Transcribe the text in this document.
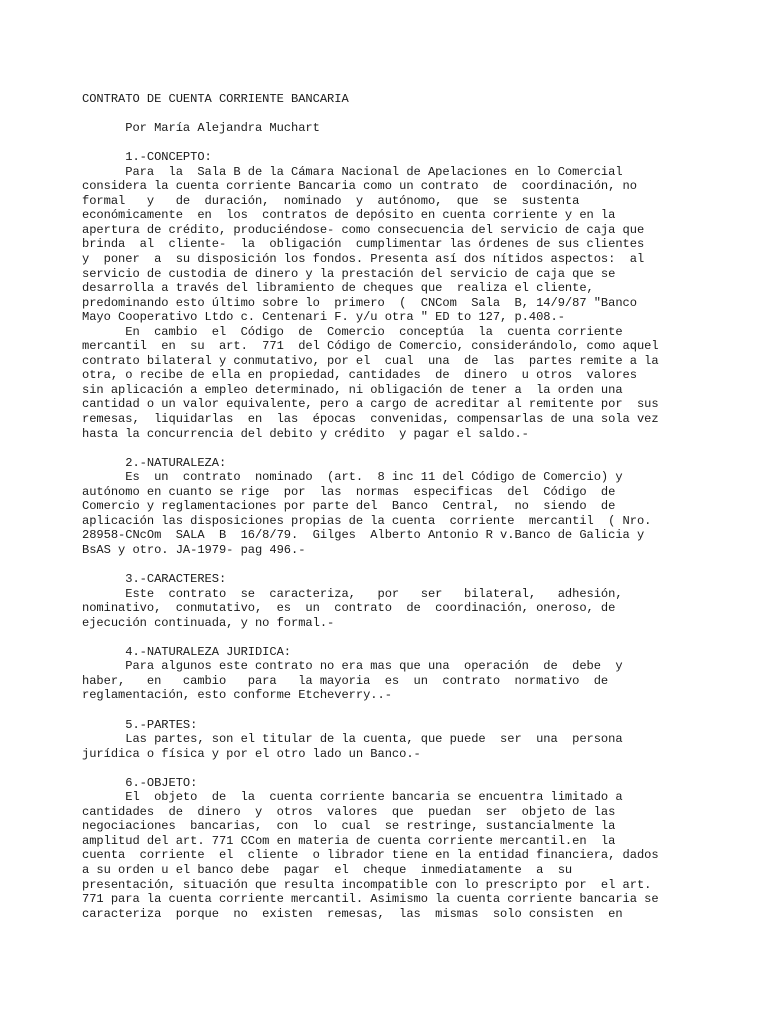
CONTRATO DE CUENTA CORRIENTE BANCARIA
Por María Alejandra Muchart
1.-CONCEPTO:
Para  la  Sala B de la Cámara Nacional de Apelaciones en lo Comercial
considera la cuenta corriente Bancaria como un contrato  de  coordinación, no
formal   y   de  duración,  nominado  y  autónomo,  que  se  sustenta
económicamente  en  los  contratos de depósito en cuenta corriente y en la
apertura de crédito, produciéndose- como consecuencia del servicio de caja que
brinda  al  cliente-  la  obligación  cumplimentar las órdenes de sus clientes
y  poner  a  su disposición los fondos. Presenta así dos nítidos aspectos:  al
servicio de custodia de dinero y la prestación del servicio de caja que se
desarrolla a través del libramiento de cheques que  realiza el cliente,
predominando esto último sobre lo  primero  (  CNCom  Sala  B, 14/9/87 "Banco
Mayo Cooperativo Ltdo c. Centenari F. y/u otra " ED to 127, p.408.-
En  cambio  el  Código  de  Comercio  conceptúa  la  cuenta corriente
mercantil  en  su  art.  771  del Código de Comercio, considerándolo, como aquel
contrato bilateral y conmutativo, por el  cual  una  de  las  partes remite a la
otra, o recibe de ella en propiedad, cantidades  de  dinero  u otros  valores
sin aplicación a empleo determinado, ni obligación de tener a  la orden una
cantidad o un valor equivalente, pero a cargo de acreditar al remitente por  sus
remesas,  liquidarlas  en  las  épocas  convenidas, compensarlas de una sola vez
hasta la concurrencia del debito y crédito  y pagar el saldo.-
2.-NATURALEZA:
Es  un  contrato  nominado  (art.  8 inc 11 del Código de Comercio) y
autónomo en cuanto se rige  por  las  normas  especificas  del  Código  de
Comercio y reglamentaciones por parte del  Banco  Central,  no  siendo  de
aplicación las disposiciones propias de la cuenta  corriente  mercantil  ( Nro.
28958-CNcOm  SALA  B  16/8/79.  Gilges  Alberto Antonio R v.Banco de Galicia y
BsAS y otro. JA-1979- pag 496.-
3.-CARACTERES:
Este  contrato  se  caracteriza,   por   ser   bilateral,   adhesión,
nominativo,  conmutativo,  es  un  contrato  de  coordinación, oneroso, de
ejecución continuada, y no formal.-
4.-NATURALEZA JURIDICA:
Para algunos este contrato no era mas que una  operación  de  debe  y
haber,   en   cambio   para   la mayoria  es  un  contrato  normativo  de
reglamentación, esto conforme Etcheverry..-
5.-PARTES:
Las partes, son el titular de la cuenta, que puede  ser  una  persona
jurídica o física y por el otro lado un Banco.-
6.-OBJETO:
El  objeto  de  la  cuenta corriente bancaria se encuentra limitado a
cantidades  de  dinero  y  otros  valores  que  puedan  ser  objeto de las
negociaciones  bancarias,  con  lo  cual  se restringe, sustancialmente la
amplitud del art. 771 CCom en materia de cuenta corriente mercantil.en  la
cuenta  corriente  el  cliente  o librador tiene en la entidad financiera, dados
a su orden u el banco debe  pagar  el  cheque  inmediatamente  a  su
presentación, situación que resulta incompatible con lo prescripto por  el art.
771 para la cuenta corriente mercantil. Asimismo la cuenta corriente bancaria se
caracteriza  porque  no  existen  remesas,  las  mismas  solo consisten  en
